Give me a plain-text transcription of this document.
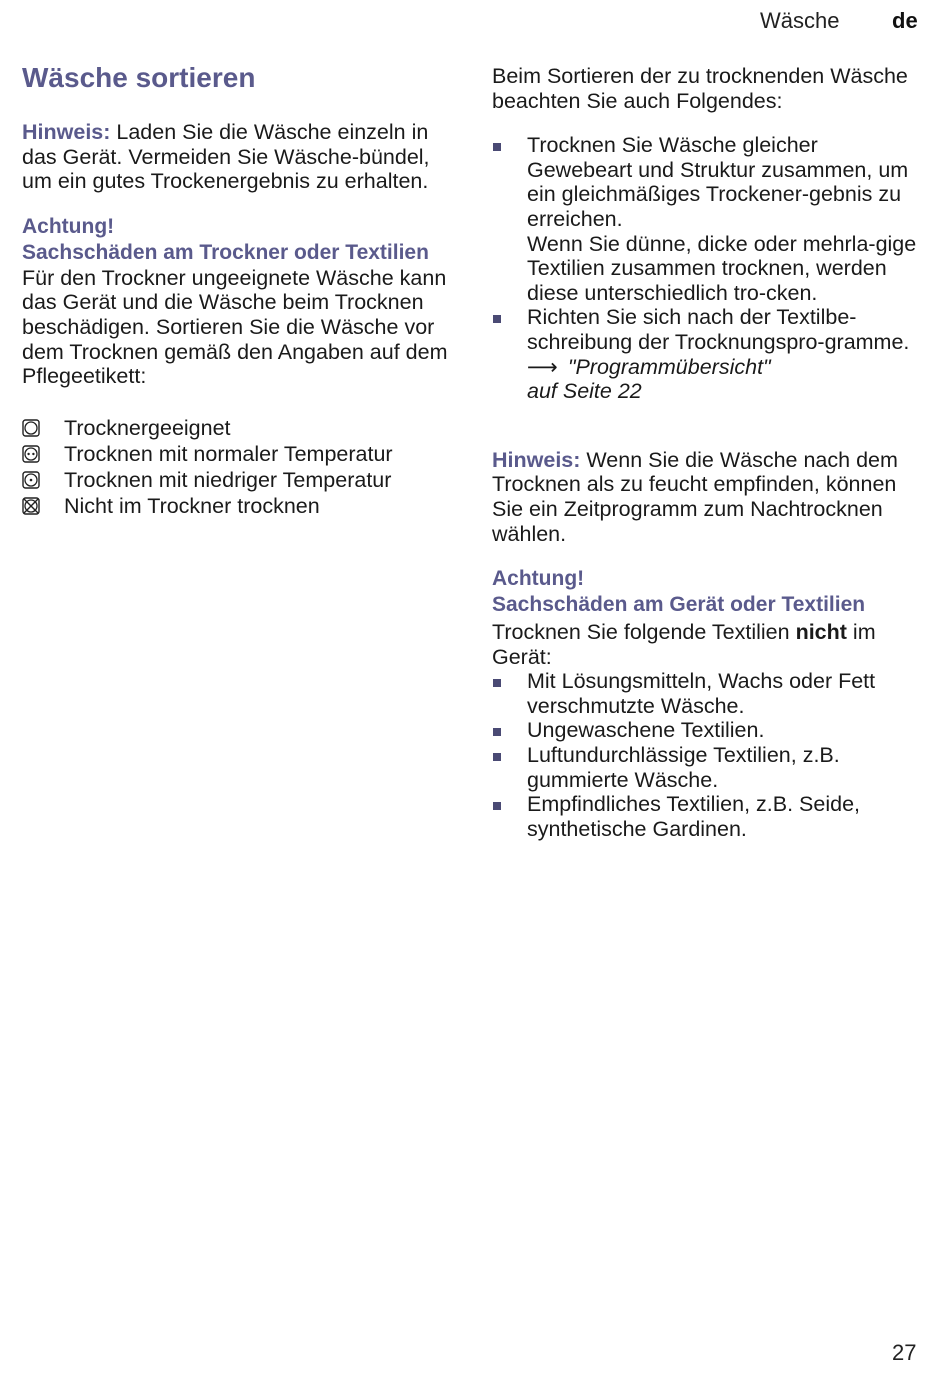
Wäsche de
Wäsche sortieren

Hinweis: Laden Sie die Wäsche einzeln in das Gerät. Vermeiden Sie Wäsche-bündel, um ein gutes Trockenergebnis zu erhalten.

Achtung!
Sachschäden am Trockner oder Textilien

Für den Trockner ungeeignete Wäsche kann das Gerät und die Wäsche beim Trocknen beschädigen. Sortieren Sie die Wäsche vor dem Trocknen gemäß den Angaben auf dem Pflegeetikett:

Trocknergeeignet
Trocknen mit normaler Temperatur
Trocknen mit niedriger Temperatur
Nicht im Trockner trocknen

Beim Sortieren der zu trocknenden Wäsche beachten Sie auch Folgendes:

Trocknen Sie Wäsche gleicher Gewebeart und Struktur zusammen, um ein gleichmäßiges Trockener-gebnis zu erreichen.
Wenn Sie dünne, dicke oder mehrla-gige Textilien zusammen trocknen, werden diese unterschiedlich tro-cken.
Richten Sie sich nach der Textilbe-schreibung der Trocknungspro-gramme.
⟶ "Programmübersicht"
auf Seite 22

Hinweis: Wenn Sie die Wäsche nach dem Trocknen als zu feucht empfinden, können Sie ein Zeitprogramm zum Nachtrocknen wählen.

Achtung!
Sachschäden am Gerät oder Textilien

Trocknen Sie folgende Textilien nicht im Gerät:

Mit Lösungsmitteln, Wachs oder Fett verschmutzte Wäsche.
Ungewaschene Textilien.
Luftundurchlässige Textilien, z.B. gummierte Wäsche.
Empfindliches Textilien, z.B. Seide, synthetische Gardinen.
27
